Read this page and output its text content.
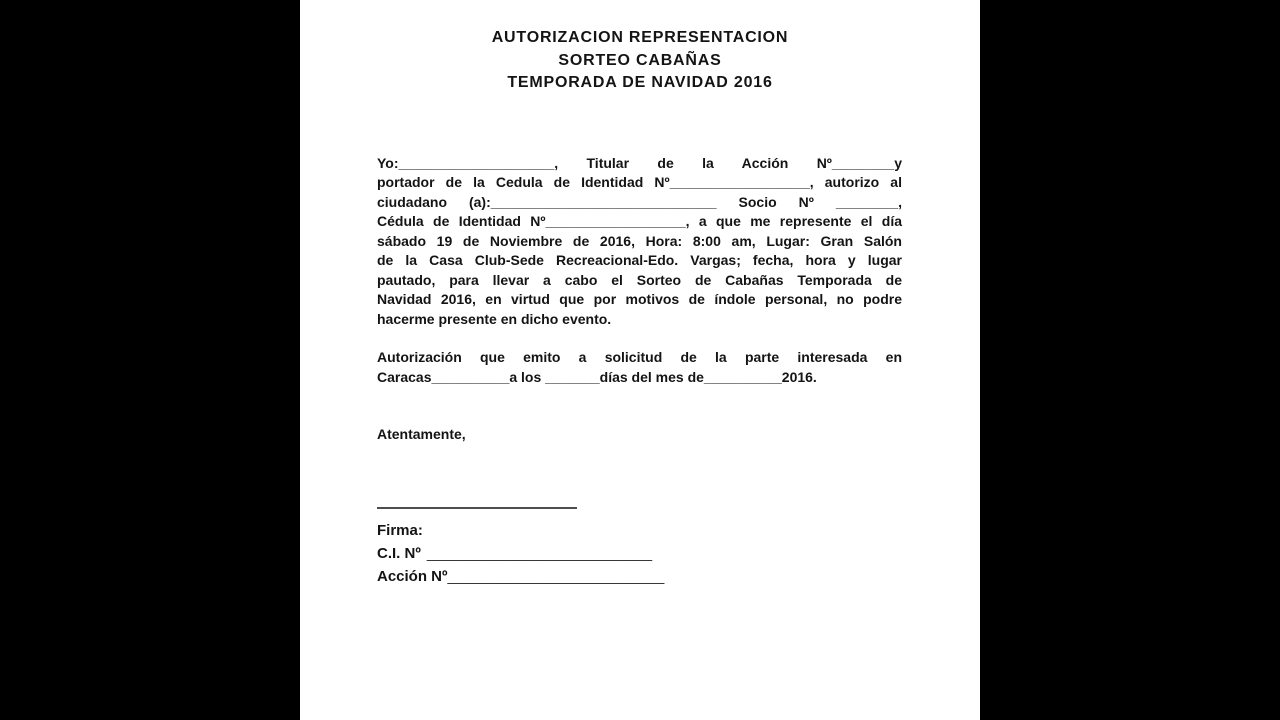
AUTORIZACION REPRESENTACION
SORTEO CABAÑAS
TEMPORADA DE NAVIDAD 2016
Yo:____________________, Titular de la Acción Nº________y
portador de la Cedula de Identidad Nº__________________, autorizo al
ciudadano (a):_____________________________ Socio Nº ________,
Cédula de Identidad Nº__________________, a que me represente el día
sábado 19 de Noviembre de 2016, Hora: 8:00 am, Lugar: Gran Salón
de la Casa Club-Sede Recreacional-Edo. Vargas; fecha, hora y lugar
pautado, para llevar a cabo el Sorteo de Cabañas Temporada de
Navidad 2016, en virtud que por motivos de índole personal, no podre
hacerme presente en dicho evento.
Autorización que emito a solicitud de la parte interesada en
Caracas__________a los _______días del mes de__________2016.
Atentamente,
Firma:
C.I. Nº ___________________________
Acción Nº__________________________
